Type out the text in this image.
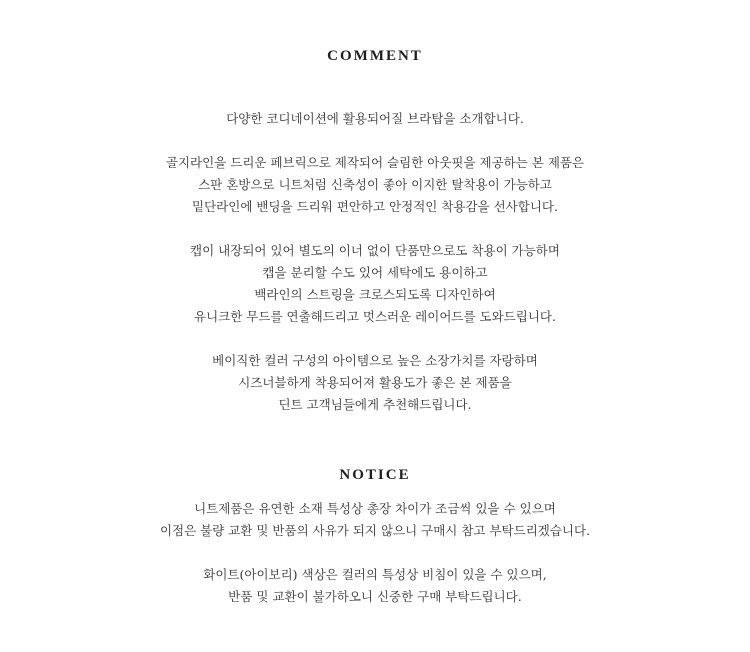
COMMENT
다양한 코디네이션에 활용되어질 브라탑을 소개합니다.
골지라인을 드리운 페브릭으로 제작되어 슬림한 아웃핏을 제공하는 본 제품은
스판 혼방으로 니트처럼 신축성이 좋아 이지한 탈착용이 가능하고
밑단라인에 밴딩을 드리워 편안하고 안정적인 착용감을 선사합니다.
캡이 내장되어 있어 별도의 이너 없이 단품만으로도 착용이 가능하며
캡을 분리할 수도 있어 세탁에도 용이하고
백라인의 스트링을 크로스되도록 디자인하여
유니크한 무드를 연출해드리고 멋스러운 레이어드를 도와드립니다.
베이직한 컬러 구성의 아이템으로 높은 소장가치를 자랑하며
시즈너블하게 착용되어져 활용도가 좋은 본 제품을
딘트 고객님들에게 추천해드립니다.
NOTICE
니트제품은 유연한 소재 특성상 총장 차이가 조금씩 있을 수 있으며
이점은 불량 교환 및 반품의 사유가 되지 않으니 구매시 참고 부탁드리겠습니다.
화이트(아이보리) 색상은 컬러의 특성상 비침이 있을 수 있으며,
반품 및 교환이 불가하오니 신중한 구매 부탁드립니다.
